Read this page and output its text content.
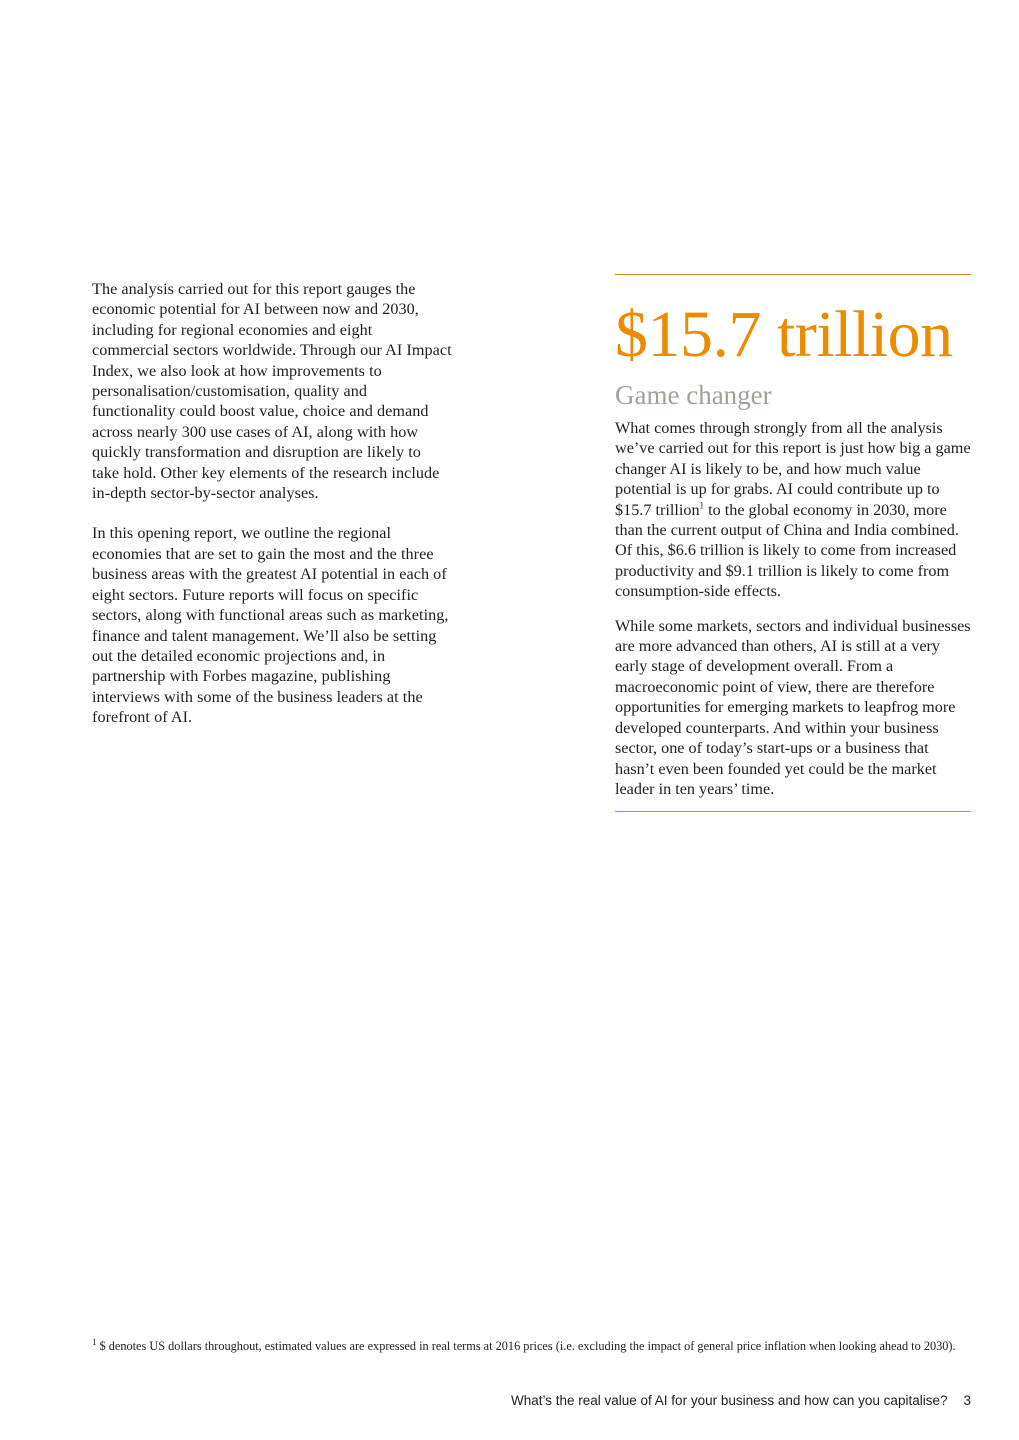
The analysis carried out for this report gauges the economic potential for AI between now and 2030, including for regional economies and eight commercial sectors worldwide. Through our AI Impact Index, we also look at how improvements to personalisation/customisation, quality and functionality could boost value, choice and demand across nearly 300 use cases of AI, along with how quickly transformation and disruption are likely to take hold. Other key elements of the research include in-depth sector-by-sector analyses.

In this opening report, we outline the regional economies that are set to gain the most and the three business areas with the greatest AI potential in each of eight sectors. Future reports will focus on specific sectors, along with functional areas such as marketing, finance and talent management. We’ll also be setting out the detailed economic projections and, in partnership with Forbes magazine, publishing interviews with some of the business leaders at the forefront of AI.

$15.7 trillion
Game changer

What comes through strongly from all the analysis we’ve carried out for this report is just how big a game changer AI is likely to be, and how much value potential is up for grabs. AI could contribute up to $15.7 trillion$^1$ to the global economy in 2030, more than the current output of China and India combined. Of this, $6.6 trillion is likely to come from increased productivity and $9.1 trillion is likely to come from consumption-side effects.

While some markets, sectors and individual businesses are more advanced than others, AI is still at a very early stage of development overall. From a macroeconomic point of view, there are therefore opportunities for emerging markets to leapfrog more developed counterparts. And within your business sector, one of today’s start-ups or a business that hasn’t even been founded yet could be the market leader in ten years’ time.

$^1$ $ denotes US dollars throughout, estimated values are expressed in real terms at 2016 prices (i.e. excluding the impact of general price inflation when looking ahead to 2030).
What’s the real value of AI for your business and how can you capitalise? 3
